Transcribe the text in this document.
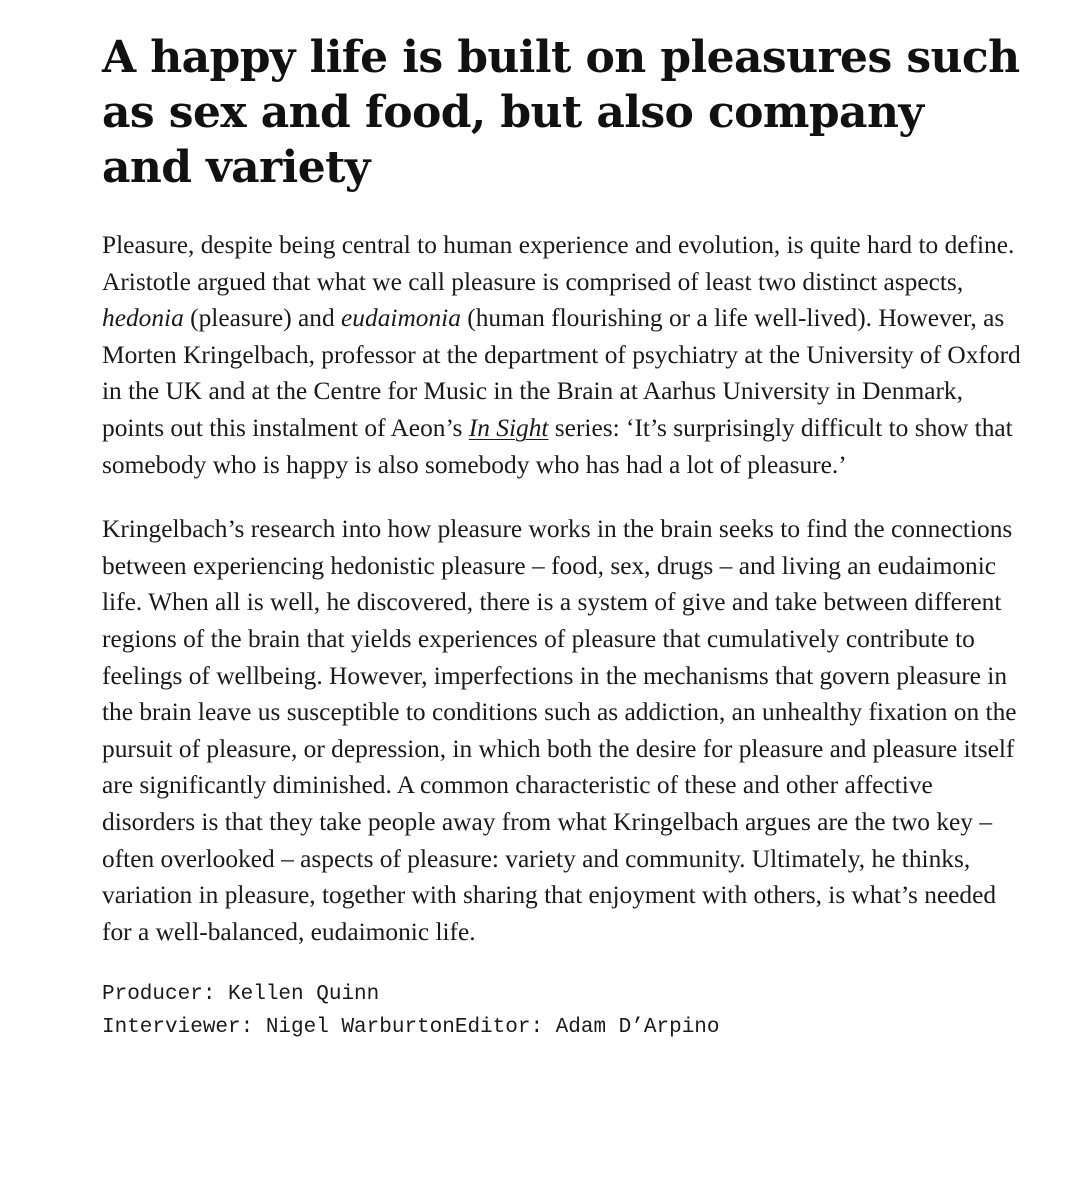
A happy life is built on pleasures such as sex and food, but also company and variety

Pleasure, despite being central to human experience and evolution, is quite hard to define. Aristotle argued that what we call pleasure is comprised of least two distinct aspects, hedonia (pleasure) and eudaimonia (human flourishing or a life well-lived). However, as Morten Kringelbach, professor at the department of psychiatry at the University of Oxford in the UK and at the Centre for Music in the Brain at Aarhus University in Denmark, points out this instalment of Aeon’s In Sight series: ‘It’s surprisingly difficult to show that somebody who is happy is also somebody who has had a lot of pleasure.’

Kringelbach’s research into how pleasure works in the brain seeks to find the connections between experiencing hedonistic pleasure – food, sex, drugs – and living an eudaimonic life. When all is well, he discovered, there is a system of give and take between different regions of the brain that yields experiences of pleasure that cumulatively contribute to feelings of wellbeing. However, imperfections in the mechanisms that govern pleasure in the brain leave us susceptible to conditions such as addiction, an unhealthy fixation on the pursuit of pleasure, or depression, in which both the desire for pleasure and pleasure itself are significantly diminished. A common characteristic of these and other affective disorders is that they take people away from what Kringelbach argues are the two key – often overlooked – aspects of pleasure: variety and community. Ultimately, he thinks, variation in pleasure, together with sharing that enjoyment with others, is what’s needed for a well-balanced, eudaimonic life.

Producer: Kellen Quinn
Interviewer: Nigel WarburtonEditor: Adam D’Arpino
